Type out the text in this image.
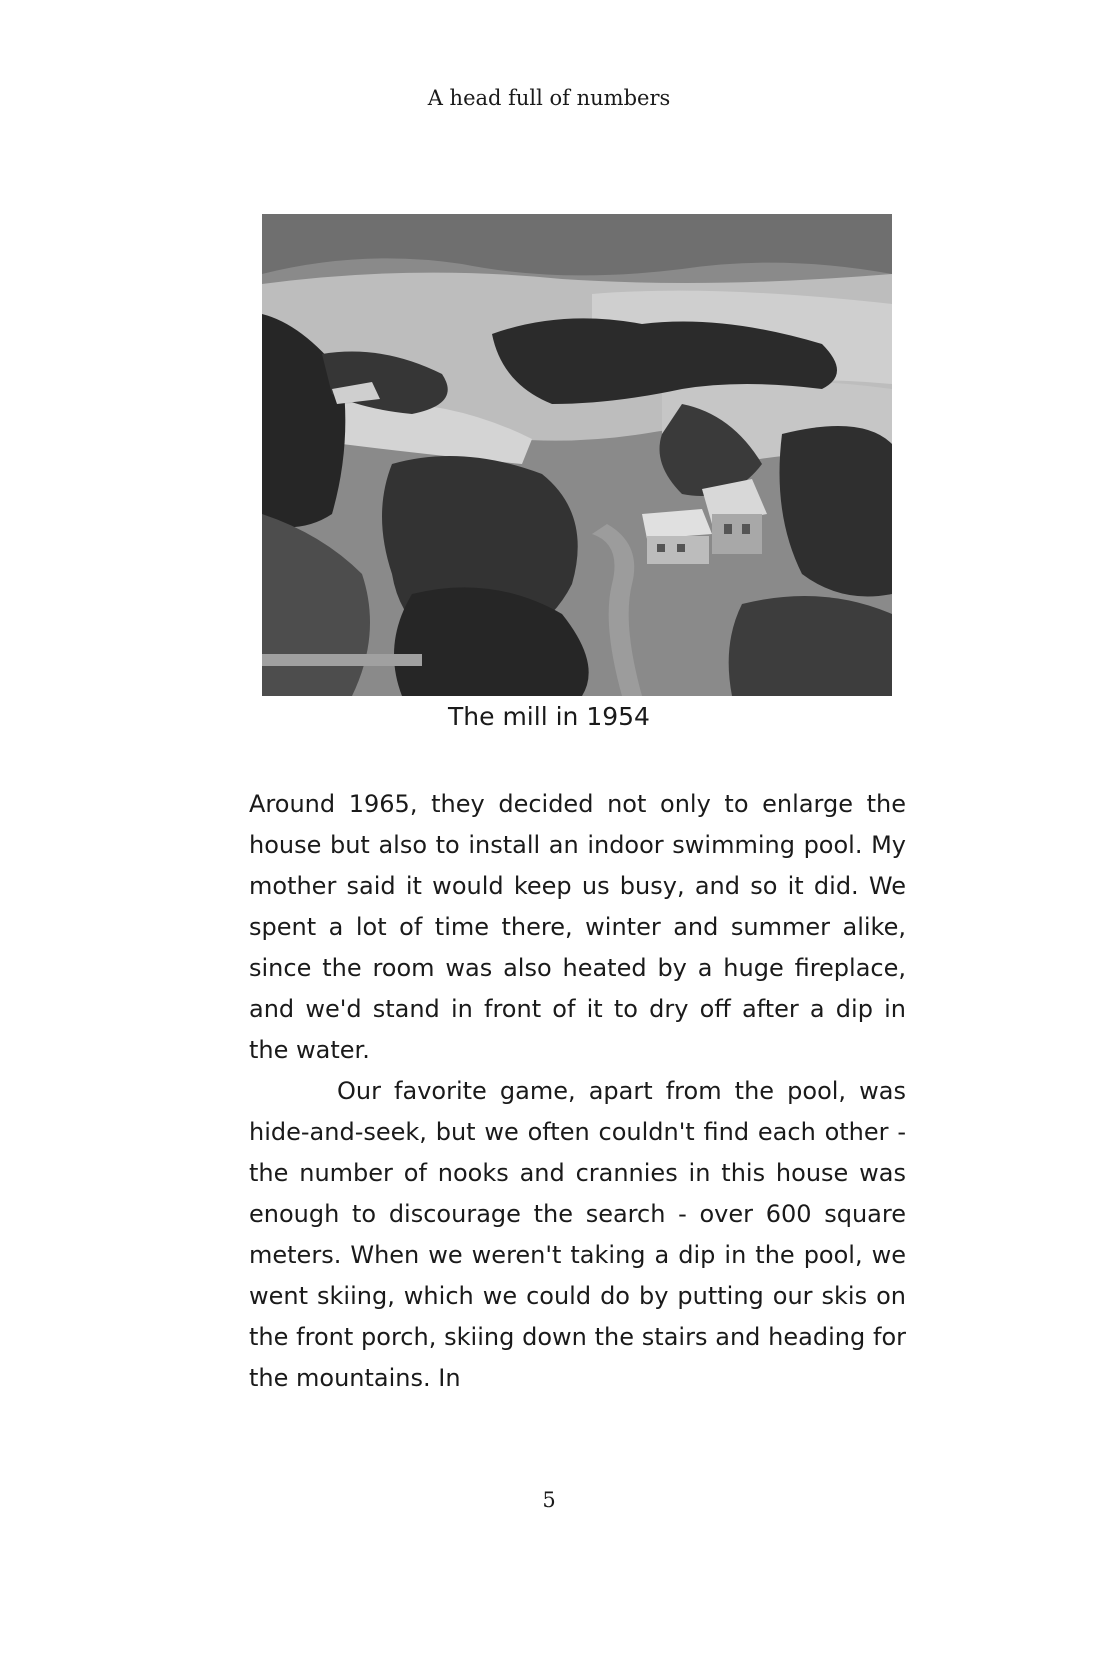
A head full of numbers
The mill in 1954

Around 1965, they decided not only to enlarge the house but also to install an indoor swimming pool. My mother said it would keep us busy, and so it did. We spent a lot of time there, winter and summer alike, since the room was also heated by a huge fireplace, and we'd stand in front of it to dry off after a dip in the water.

Our favorite game, apart from the pool, was hide-and-seek, but we often couldn't find each other - the number of nooks and crannies in this house was enough to discourage the search - over 600 square meters. When we weren't taking a dip in the pool, we went skiing, which we could do by putting our skis on the front porch, skiing down the stairs and heading for the mountains. In

5
